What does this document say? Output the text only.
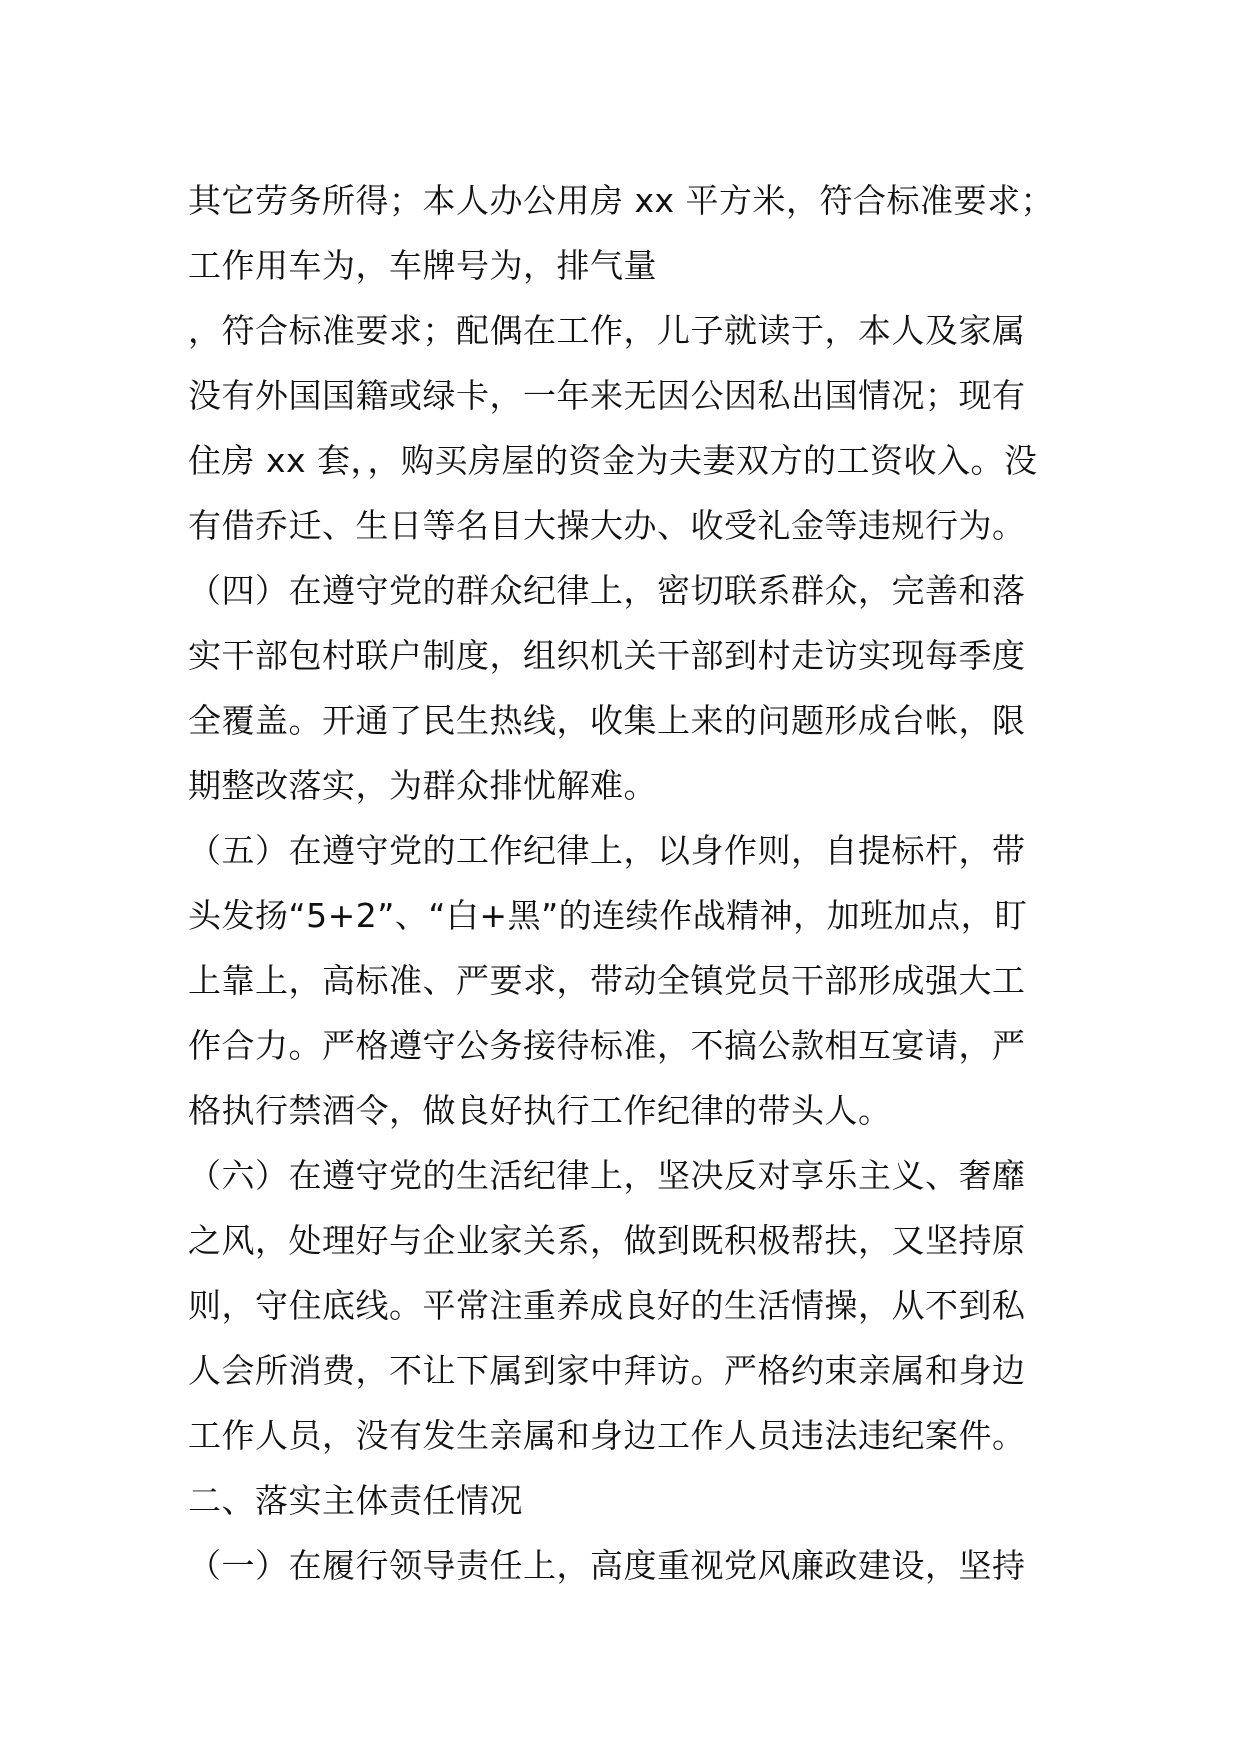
其它劳务所得；本人办公用房 xx 平方米，符合标准要求；
工作用车为，车牌号为，排气量
，符合标准要求；配偶在工作，儿子就读于，本人及家属
没有外国国籍或绿卡，一年来无因公因私出国情况；现有
住房 xx 套，，购买房屋的资金为夫妻双方的工资收入。没
有借乔迁、生日等名目大操大办、收受礼金等违规行为。
（四）在遵守党的群众纪律上，密切联系群众，完善和落
实干部包村联户制度，组织机关干部到村走访实现每季度
全覆盖。开通了民生热线，收集上来的问题形成台帐，限
期整改落实，为群众排忧解难。
（五）在遵守党的工作纪律上，以身作则，自提标杆，带
头发扬“5+2”、“白+黑”的连续作战精神，加班加点，盯
上靠上，高标准、严要求，带动全镇党员干部形成强大工
作合力。严格遵守公务接待标准，不搞公款相互宴请，严
格执行禁酒令，做良好执行工作纪律的带头人。
（六）在遵守党的生活纪律上，坚决反对享乐主义、奢靡
之风，处理好与企业家关系，做到既积极帮扶，又坚持原
则，守住底线。平常注重养成良好的生活情操，从不到私
人会所消费，不让下属到家中拜访。严格约束亲属和身边
工作人员，没有发生亲属和身边工作人员违法违纪案件。
二、落实主体责任情况
（一）在履行领导责任上，高度重视党风廉政建设，坚持
